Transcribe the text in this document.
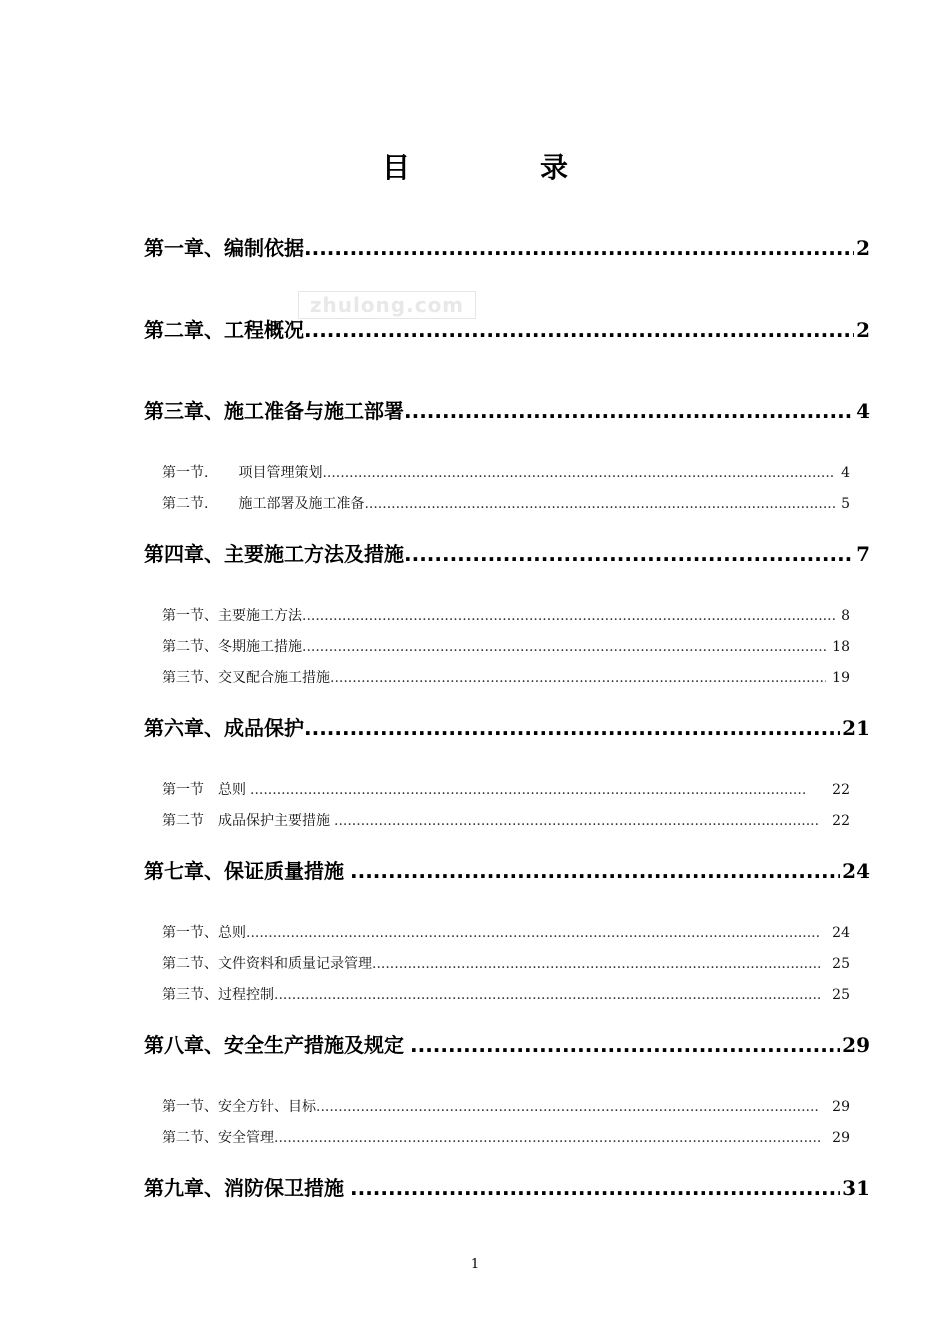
目	录
zhulong.com
第一章、编制依据 .....	2
第二章、工程概况 .....	2
第三章、施工准备与施工部署 .....	4
第一节. 项目管理策划 .....	4
第二节. 施工部署及施工准备 .....	5
第四章、主要施工方法及措施 .....	7
第一节、主要施工方法 .....	8
第二节、冬期施工措施 .....	18
第三节、交叉配合施工措施 .....	19
第六章、成品保护 .....	21
第一节 总则 .....	22
第二节 成品保护主要措施 .....	22
第七章、保证质量措施 .....	24
第一节、总则 .....	24
第二节、文件资料和质量记录管理 .....	25
第三节、过程控制 .....	25
第八章、安全生产措施及规定 .....	29
第一节、安全方针、目标 .....	29
第二节、安全管理 .....	29
第九章、消防保卫措施 .....	31
1
